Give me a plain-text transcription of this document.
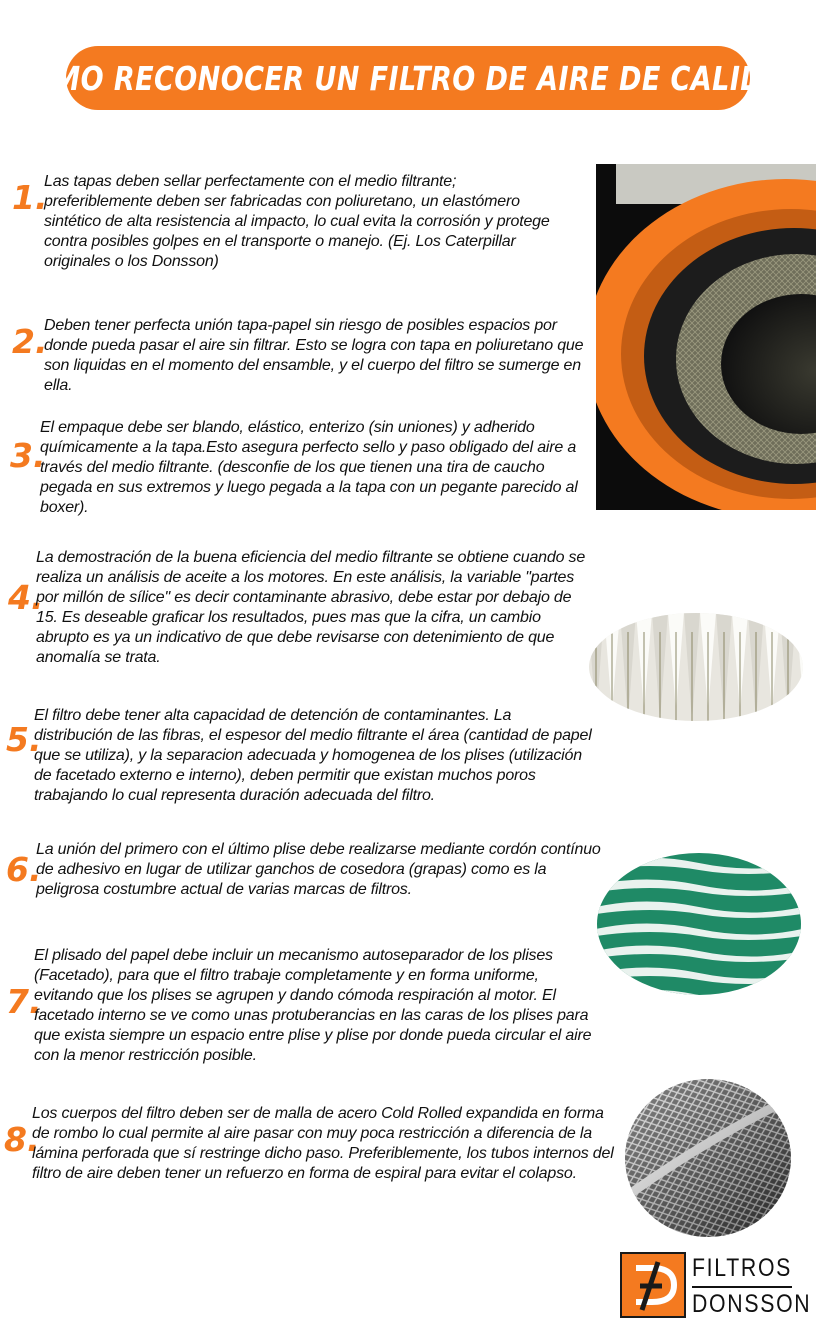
COMO RECONOCER UN FILTRO DE AIRE DE CALIDAD
1.
Las tapas deben sellar perfectamente con el medio filtrante; preferiblemente deben ser fabricadas con poliuretano, un elastómero sintético de alta resistencia al impacto, lo cual evita la corrosión y protege contra posibles golpes en el transporte o manejo. (Ej. Los Caterpillar originales o los Donsson)
2.
Deben tener perfecta unión tapa-papel sin riesgo de posibles espacios por donde pueda pasar el aire sin filtrar. Esto se logra con tapa en poliuretano que son liquidas en el momento del ensamble, y el cuerpo del filtro se sumerge en ella.
3.
El empaque debe ser blando, elástico, enterizo (sin uniones) y adherido químicamente a la tapa.Esto asegura perfecto sello y paso obligado del aire a través del medio filtrante. (desconfie de los que tienen una tira de caucho pegada en sus extremos y luego pegada a la tapa con un pegante parecido al boxer).
4.
La demostración de la buena eficiencia del medio filtrante se obtiene cuando se realiza un análisis de aceite a los motores. En este análisis, la variable "partes por millón de sílice" es decir contaminante abrasivo, debe estar por debajo de 15. Es deseable graficar los resultados, pues mas que la cifra, un cambio abrupto es ya un indicativo de que debe revisarse con detenimiento de que anomalía se trata.
5.
El filtro debe tener alta capacidad de detención de contaminantes. La distribución de las fibras, el espesor del medio filtrante el área (cantidad de papel que se utiliza), y la separacion adecuada y homogenea de los plises (utilización de facetado externo e interno), deben permitir que existan muchos poros trabajando lo cual representa duración adecuada del filtro.
6.
La unión del primero con el último plise debe realizarse mediante cordón contínuo de adhesivo en lugar de utilizar ganchos de cosedora (grapas) como es la peligrosa costumbre actual de varias marcas de filtros.
7.
El plisado del papel debe incluir un mecanismo autoseparador de los plises (Facetado), para que el filtro trabaje completamente y en forma uniforme, evitando que los plises se agrupen y dando cómoda respiración al motor. El facetado interno se ve como unas protuberancias en las caras de los plises para que exista siempre un espacio entre plise y plise por donde pueda circular el aire con la menor restricción posible.
8.
Los cuerpos del filtro deben ser de malla de acero Cold Rolled expandida en forma de rombo lo cual permite al aire pasar con muy poca restricción a diferencia de la lámina perforada que sí restringe dicho paso. Preferiblemente, los tubos internos del filtro de aire deben tener un refuerzo en forma de espiral para evitar el colapso.
FILTROS
DONSSON
